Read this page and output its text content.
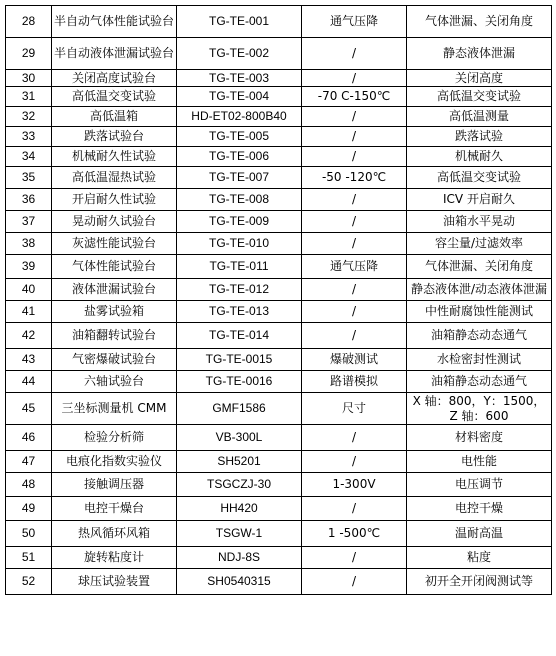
28	半自动气体性能试验台	TG-TE-001	通气压降	气体泄漏、关闭角度
29	半自动液体泄漏试验台	TG-TE-002	/	静态液体泄漏
30	关闭高度试验台	TG-TE-003	/	关闭高度
31	高低温交变试验	TG-TE-004	-70 C-150℃	高低温交变试验
32	高低温箱	HD-ET02-800B40	/	高低温测量
33	跌落试验台	TG-TE-005	/	跌落试验
34	机械耐久性试验	TG-TE-006	/	机械耐久
35	高低温湿热试验	TG-TE-007	-50 -120℃	高低温交变试验
36	开启耐久性试验	TG-TE-008	/	ICV 开启耐久
37	晃动耐久试验台	TG-TE-009	/	油箱水平晃动
38	灰滤性能试验台	TG-TE-010	/	容尘量/过滤效率
39	气体性能试验台	TG-TE-011	通气压降	气体泄漏、关闭角度
40	液体泄漏试验台	TG-TE-012	/	静态液体泄/动态液体泄漏
41	盐雾试验箱	TG-TE-013	/	中性耐腐蚀性能测试
42	油箱翻转试验台	TG-TE-014	/	油箱静态动态通气
43	气密爆破试验台	TG-TE-0015	爆破测试	水检密封性测试
44	六轴试验台	TG-TE-0016	路谱模拟	油箱静态动态通气
45	三坐标测量机 CMM	GMF1586	尺寸	X 轴：800，Y：1500，Z 轴：600
46	检验分析筛	VB-300L	/	材料密度
47	电痕化指数实验仪	SH5201	/	电性能
48	接触调压器	TSGCZJ-30	1-300V	电压调节
49	电控干燥台	HH420	/	电控干燥
50	热风循环风箱	TSGW-1	1 -500℃	温耐高温
51	旋转粘度计	NDJ-8S	/	粘度
52	球压试验装置	SH0540315	/	初开全开闭阀测试等
